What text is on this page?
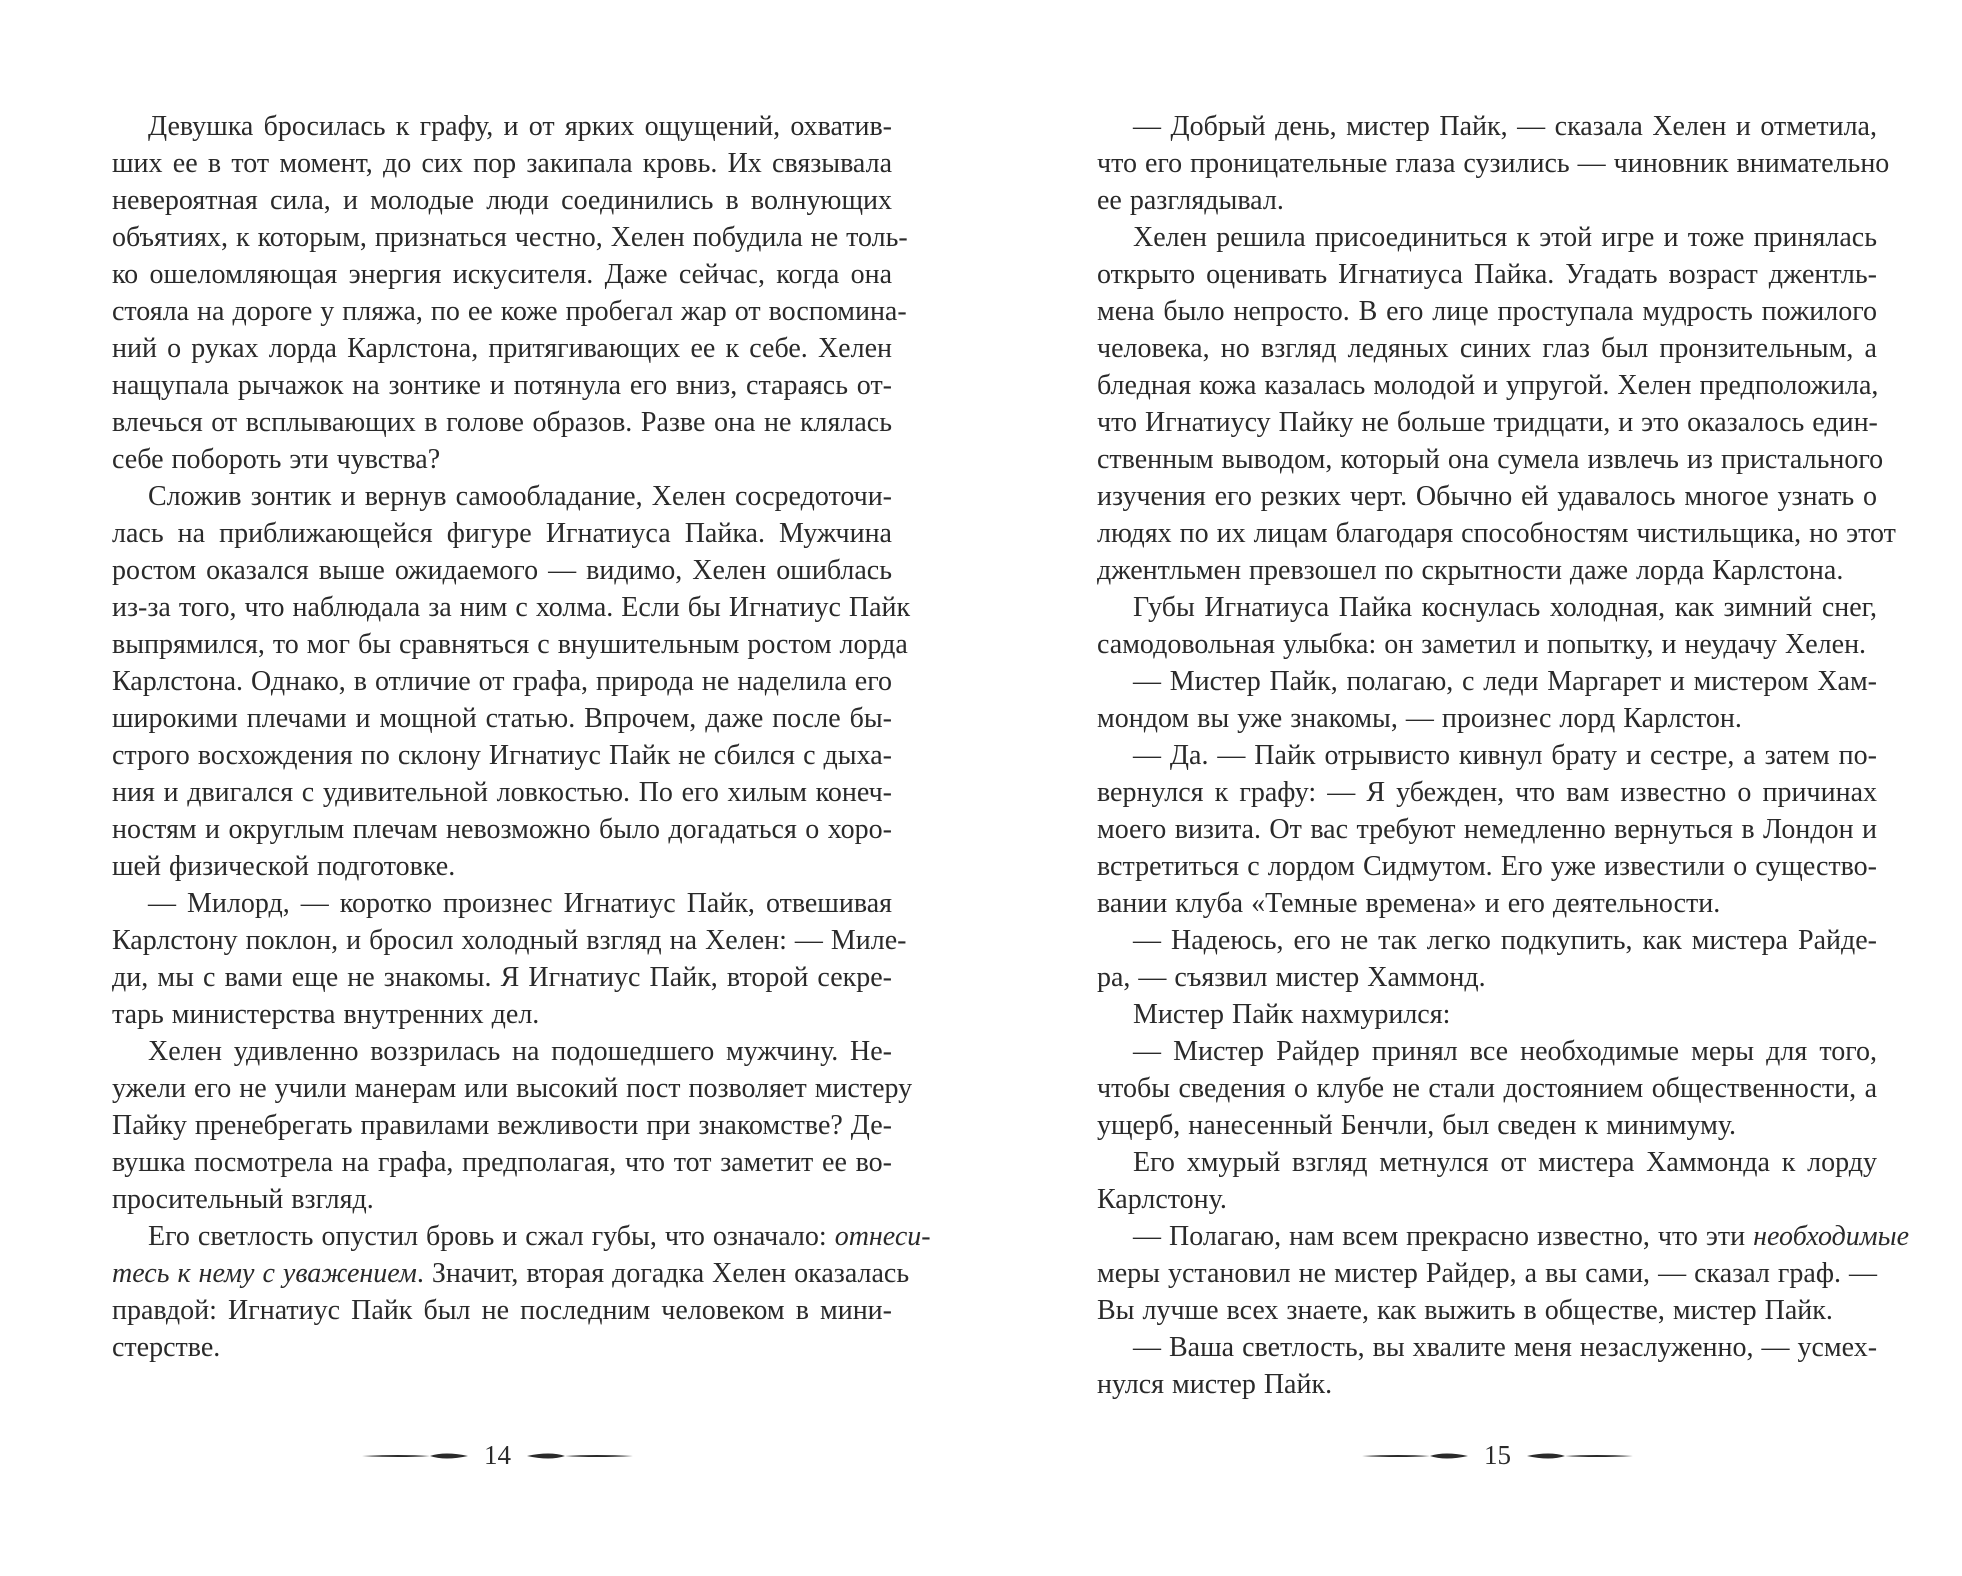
Девушка бросилась к графу, и от ярких ощущений, охватив-
ших ее в тот момент, до сих пор закипала кровь. Их связывала
невероятная сила, и молодые люди соединились в волнующих
объятиях, к которым, признаться честно, Хелен побудила не толь-
ко ошеломляющая энергия искусителя. Даже сейчас, когда она
стояла на дороге у пляжа, по ее коже пробегал жар от воспомина-
ний о руках лорда Карлстона, притягивающих ее к себе. Хелен
нащупала рычажок на зонтике и потянула его вниз, стараясь от-
влечься от всплывающих в голове образов. Разве она не клялась
себе побороть эти чувства?
Сложив зонтик и вернув самообладание, Хелен сосредоточи-
лась на приближающейся фигуре Игнатиуса Пайка. Мужчина
ростом оказался выше ожидаемого — видимо, Хелен ошиблась
из-за того, что наблюдала за ним с холма. Если бы Игнатиус Пайк
выпрямился, то мог бы сравняться с внушительным ростом лорда
Карлстона. Однако, в отличие от графа, природа не наделила его
широкими плечами и мощной статью. Впрочем, даже после бы-
строго восхождения по склону Игнатиус Пайк не сбился с дыха-
ния и двигался с удивительной ловкостью. По его хилым конеч-
ностям и округлым плечам невозможно было догадаться о хоро-
шей физической подготовке.
— Милорд, — коротко произнес Игнатиус Пайк, отвешивая
Карлстону поклон, и бросил холодный взгляд на Хелен: — Миле-
ди, мы с вами еще не знакомы. Я Игнатиус Пайк, второй секре-
тарь министерства внутренних дел.
Хелен удивленно воззрилась на подошедшего мужчину. Не-
ужели его не учили манерам или высокий пост позволяет мистеру
Пайку пренебрегать правилами вежливости при знакомстве? Де-
вушка посмотрела на графа, предполагая, что тот заметит ее во-
просительный взгляд.
Его светлость опустил бровь и сжал губы, что означало: отнеси-
тесь к нему с уважением. Значит, вторая догадка Хелен оказалась
правдой: Игнатиус Пайк был не последним человеком в мини-
стерстве.
— Добрый день, мистер Пайк, — сказала Хелен и отметила,
что его проницательные глаза сузились — чиновник внимательно
ее разглядывал.
Хелен решила присоединиться к этой игре и тоже принялась
открыто оценивать Игнатиуса Пайка. Угадать возраст джентль-
мена было непросто. В его лице проступала мудрость пожилого
человека, но взгляд ледяных синих глаз был пронзительным, а
бледная кожа казалась молодой и упругой. Хелен предположила,
что Игнатиусу Пайку не больше тридцати, и это оказалось един-
ственным выводом, который она сумела извлечь из пристального
изучения его резких черт. Обычно ей удавалось многое узнать о
людях по их лицам благодаря способностям чистильщика, но этот
джентльмен превзошел по скрытности даже лорда Карлстона.
Губы Игнатиуса Пайка коснулась холодная, как зимний снег,
самодовольная улыбка: он заметил и попытку, и неудачу Хелен.
— Мистер Пайк, полагаю, с леди Маргарет и мистером Хам-
мондом вы уже знакомы, — произнес лорд Карлстон.
— Да. — Пайк отрывисто кивнул брату и сестре, а затем по-
вернулся к графу: — Я убежден, что вам известно о причинах
моего визита. От вас требуют немедленно вернуться в Лондон и
встретиться с лордом Сидмутом. Его уже известили о существо-
вании клуба «Темные времена» и его деятельности.
— Надеюсь, его не так легко подкупить, как мистера Райде-
ра, — съязвил мистер Хаммонд.
Мистер Пайк нахмурился:
— Мистер Райдер принял все необходимые меры для того,
чтобы сведения о клубе не стали достоянием общественности, а
ущерб, нанесенный Бенчли, был сведен к минимуму.
Его хмурый взгляд метнулся от мистера Хаммонда к лорду
Карлстону.
— Полагаю, нам всем прекрасно известно, что эти необходимые
меры установил не мистер Райдер, а вы сами, — сказал граф. —
Вы лучше всех знаете, как выжить в обществе, мистер Пайк.
— Ваша светлость, вы хвалите меня незаслуженно, — усмех-
нулся мистер Пайк.
14	15
